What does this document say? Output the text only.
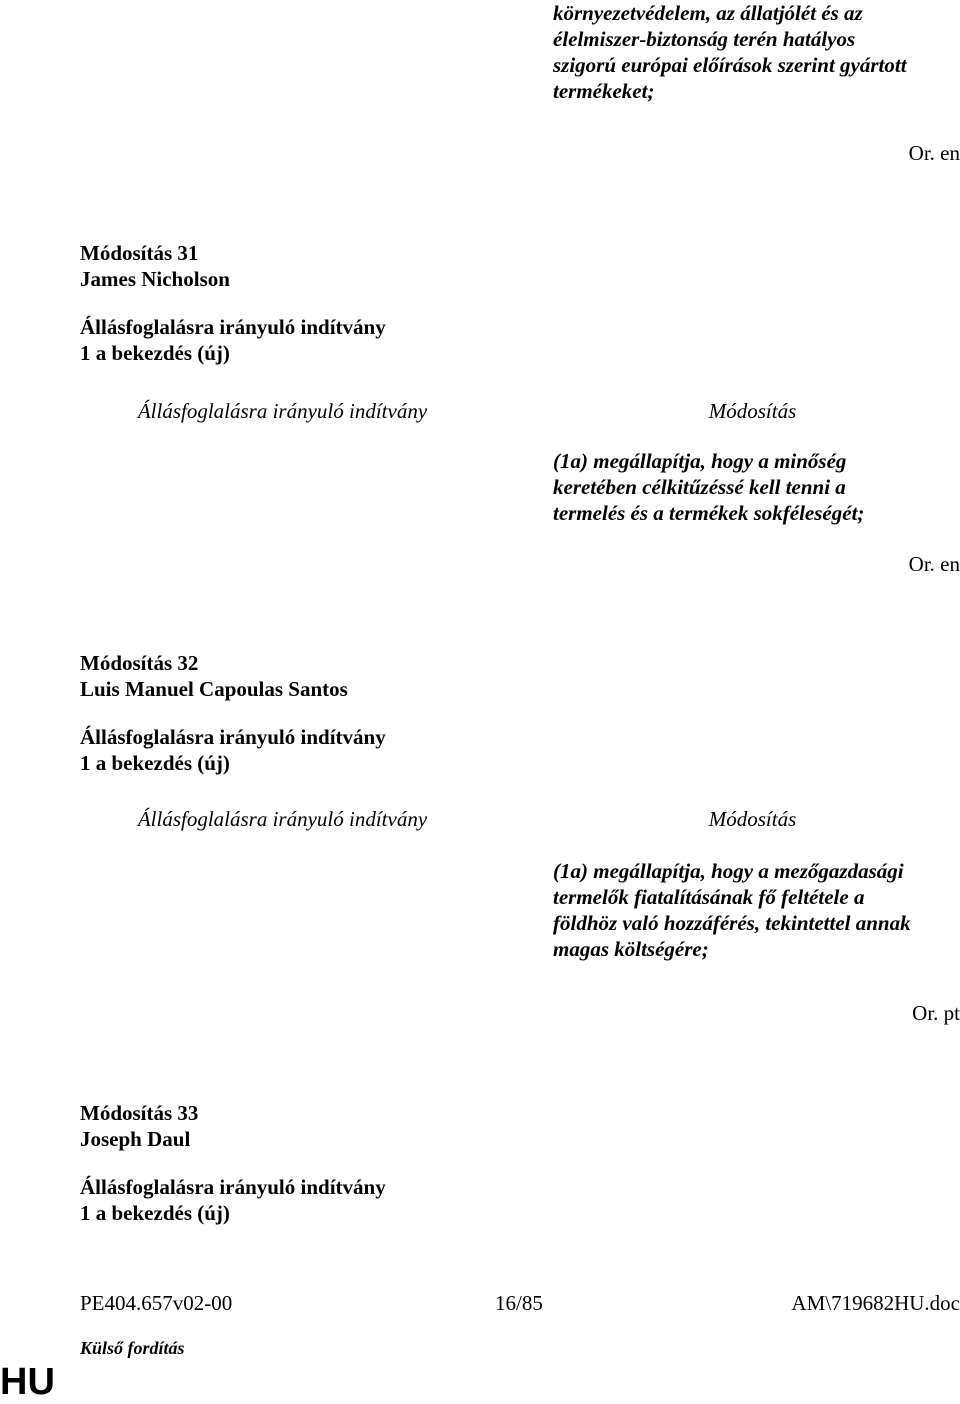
környezetvédelem, az állatjólét és az
élelmiszer-biztonság terén hatályos
szigorú európai előírások szerint gyártott
termékeket;
Or. en
Módosítás 31
James Nicholson
Állásfoglalásra irányuló indítvány
1 a bekezdés (új)
Állásfoglalásra irányuló indítvány	Módosítás
(1a) megállapítja, hogy a minőség
keretében célkitűzéssé kell tenni a
termelés és a termékek sokféleségét;
Or. en
Módosítás 32
Luis Manuel Capoulas Santos
Állásfoglalásra irányuló indítvány
1 a bekezdés (új)
Állásfoglalásra irányuló indítvány	Módosítás
(1a) megállapítja, hogy a mezőgazdasági
termelők fiatalításának fő feltétele a
földhöz való hozzáférés, tekintettel annak
magas költségére;
Or. pt
Módosítás 33
Joseph Daul
Állásfoglalásra irányuló indítvány
1 a bekezdés (új)
PE404.657v02-00	16/85	AM\719682HU.doc
Külső fordítás
HU
